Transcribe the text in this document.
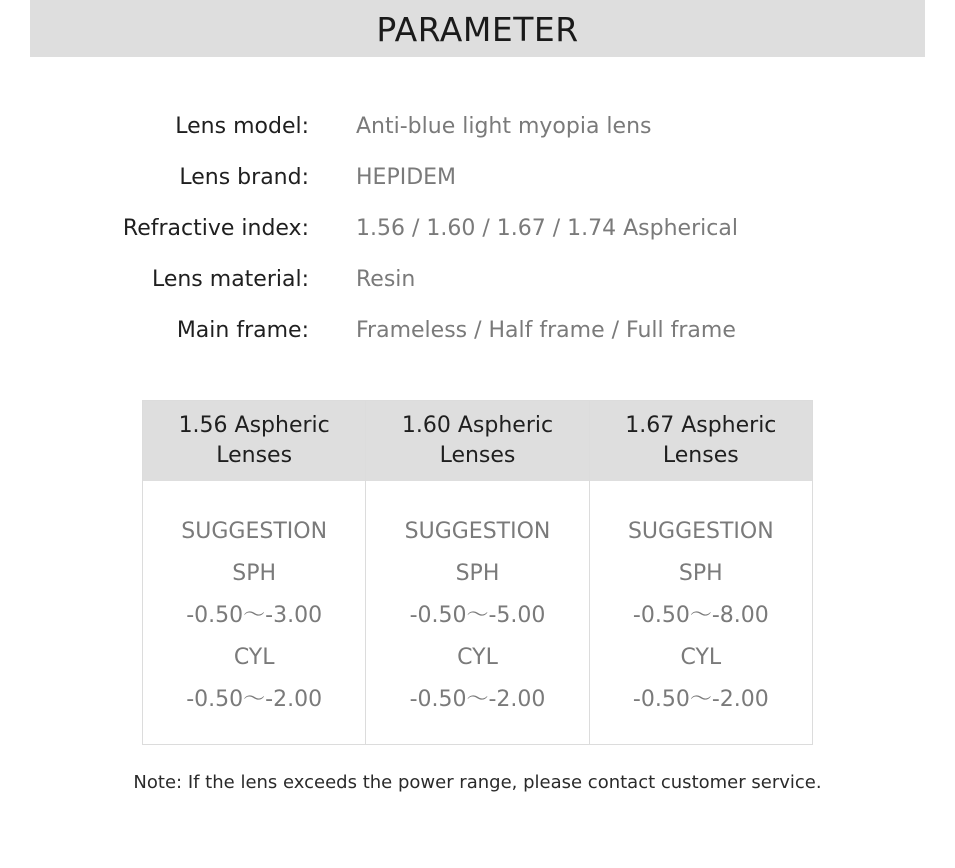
PARAMETER
Lens model: Anti-blue light myopia lens
Lens brand: HEPIDEM
Refractive index: 1.56 / 1.60 / 1.67 / 1.74 Aspherical
Lens material: Resin
Main frame: Frameless / Half frame / Full frame
1.56 Aspheric Lenses
SUGGESTION
SPH
-0.50～-3.00
CYL
-0.50～-2.00
1.60 Aspheric Lenses
SUGGESTION
SPH
-0.50～-5.00
CYL
-0.50～-2.00
1.67 Aspheric Lenses
SUGGESTION
SPH
-0.50～-8.00
CYL
-0.50～-2.00
Note: If the lens exceeds the power range, please contact customer service.
